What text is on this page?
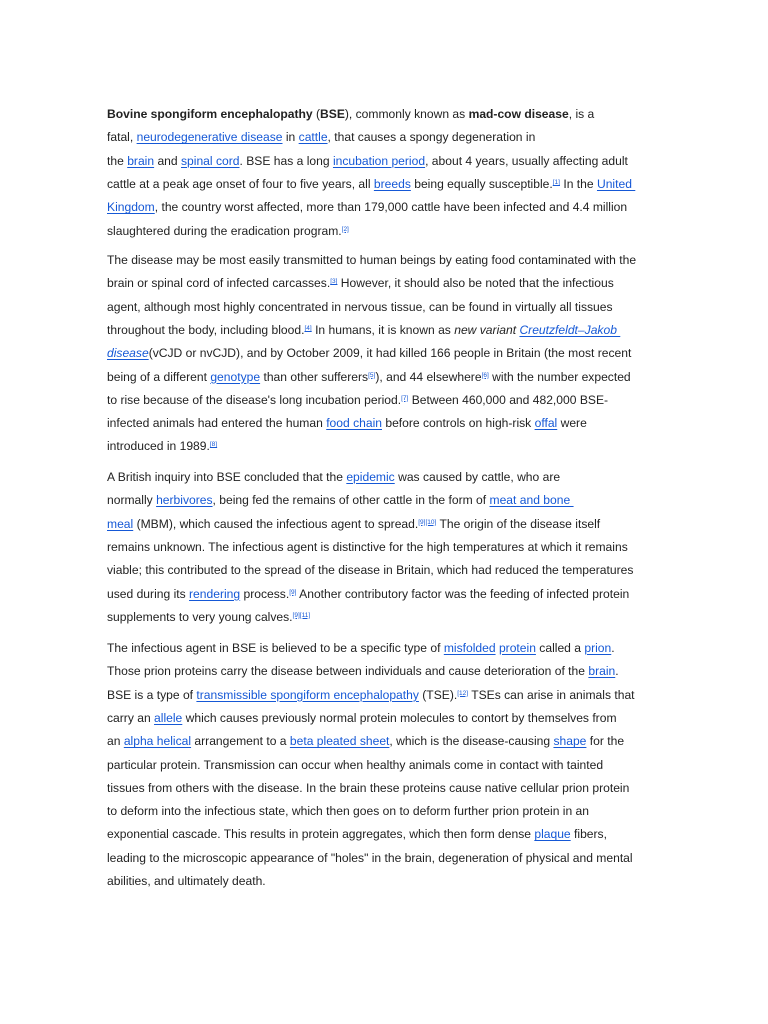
Bovine spongiform encephalopathy (BSE), commonly known as mad-cow disease, is a
fatal, neurodegenerative disease in cattle, that causes a spongy degeneration in
the brain and spinal cord. BSE has a long incubation period, about 4 years, usually affecting adult
cattle at a peak age onset of four to five years, all breeds being equally susceptible.[1] In the United
Kingdom, the country worst affected, more than 179,000 cattle have been infected and 4.4 million
slaughtered during the eradication program.[2]
The disease may be most easily transmitted to human beings by eating food contaminated with the
brain or spinal cord of infected carcasses.[3] However, it should also be noted that the infectious
agent, although most highly concentrated in nervous tissue, can be found in virtually all tissues
throughout the body, including blood.[4] In humans, it is known as new variant Creutzfeldt–Jakob
disease(vCJD or nvCJD), and by October 2009, it had killed 166 people in Britain (the most recent
being of a different genotype than other sufferers[5]), and 44 elsewhere[6] with the number expected
to rise because of the disease's long incubation period.[7] Between 460,000 and 482,000 BSE-
infected animals had entered the human food chain before controls on high-risk offal were
introduced in 1989.[8]
A British inquiry into BSE concluded that the epidemic was caused by cattle, who are
normally herbivores, being fed the remains of other cattle in the form of meat and bone
meal (MBM), which caused the infectious agent to spread.[9][10] The origin of the disease itself
remains unknown. The infectious agent is distinctive for the high temperatures at which it remains
viable; this contributed to the spread of the disease in Britain, which had reduced the temperatures
used during its rendering process.[9] Another contributory factor was the feeding of infected protein
supplements to very young calves.[9][11]
The infectious agent in BSE is believed to be a specific type of misfolded protein called a prion.
Those prion proteins carry the disease between individuals and cause deterioration of the brain.
BSE is a type of transmissible spongiform encephalopathy (TSE).[12] TSEs can arise in animals that
carry an allele which causes previously normal protein molecules to contort by themselves from
an alpha helical arrangement to a beta pleated sheet, which is the disease-causing shape for the
particular protein. Transmission can occur when healthy animals come in contact with tainted
tissues from others with the disease. In the brain these proteins cause native cellular prion protein
to deform into the infectious state, which then goes on to deform further prion protein in an
exponential cascade. This results in protein aggregates, which then form dense plaque fibers,
leading to the microscopic appearance of "holes" in the brain, degeneration of physical and mental
abilities, and ultimately death.
